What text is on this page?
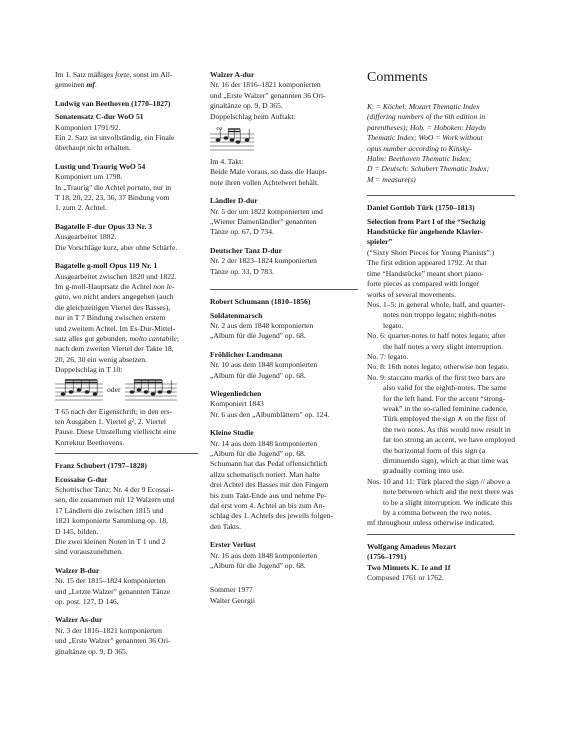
Im 1. Satz mäßiges forte, sonst im All-

gemeinen mf.

Ludwig van Beethoven (1770–1827)

Sonatensatz C-dur WoO 51

Komponiert 1791/92.

Ein 2. Satz ist unvollständig, ein Finale

überhaupt nicht erhalten.

Lustig und Traurig WoO 54

Komponiert um 1798.

In „Traurig" die Achtel portato, nur in

T 18, 20, 22, 23, 36, 37 Bindung vom

1. zum 2. Achtel.

Bagatelle F-dur Opus 33 Nr. 3

Ausgearbeitet 1802.

Die Vorschläge kurz, aber ohne Schärfe.

Bagatelle g-moll Opus 119 Nr. 1

Ausgearbeitet zwischen 1820 und 1822.

Im g-moll-Hauptsatz die Achtel non le-

gato, wo nicht anders angegeben (auch

die gleichzeitigen Viertel des Basses),

nur in T 7 Bindung zwischen erstem

und zweitem Achtel. Im Es-Dur-Mittel-

satz alles gut gebunden, molto cantabile;

nach dem zweiten Viertel der Takte 18,

20, 26, 30 ein wenig absetzen.

Doppelschlag in T 10:

oder

T 65 nach der Eigenschrift; in den ers-

ten Ausgaben 1. Viertel g², 2. Viertel

Pause. Diese Umstellung vielleicht eine

Korrektur Beethovens.

Franz Schubert (1797–1828)

Ecossaise G-dur

Schottischer Tanz; Nr. 4 der 9 Ecossai-

sen, die zusammen mit 12 Walzern und

17 Ländlern die zwischen 1815 und

1821 komponierte Sammlung op. 18,

D 145, bilden.

Die zwei kleinen Noten in T 1 und 2

sind vorauszunehmen.

Walzer B-dur

Nr. 15 der 1815–1824 komponierten

und „Letzte Walzer" genannten Tänze

op. post. 127, D 146.

Walzer As-dur

Nr. 3 der 1816–1821 komponierten

und „Erste Walzer" genannten 36 Ori-

ginaltänze op. 9, D 365.

Walzer A-dur

Nr. 16 der 1816–1821 komponierten

und „Erste Walzer" genannten 36 Ori-

ginaltänze op. 9, D 365.

Doppelschlag beim Auftakt:

∾

Im 4. Takt:

Beide Male voraus, so dass die Haupt-

note ihren vollen Achtelwert behält.

Ländler D-dur

Nr. 5 der um 1822 komponierten und

„Wiener Damenländler" genannten

Tänze op. 67, D 734.

Deutscher Tanz D-dur

Nr. 2 der 1823–1824 komponierten

Tänze op. 33, D 783.

Robert Schumann (1810–1856)

Soldatenmarsch

Nr. 2 aus dem 1848 komponierten

„Album für die Jugend" op. 68.

Fröhlicher Landmann

Nr. 10 aus dem 1848 komponierten

„Album für die Jugend" op. 68.

Wiegenliedchen

Komponiert 1843

Nr. 6 aus den „Albumblättern" op. 124.

Kleine Studie

Nr. 14 aus dem 1848 komponierten

„Album für die Jugend" op. 68.

Schumann hat das Pedal offensichtlich

allzu schematisch notiert. Man halte

drei Achtel des Basses mit den Fingern

bis zum Takt-Ende aus und nehme Pe-

dal erst vom 4. Achtel an bis zum An-

schlag des 1. Achtels des jeweils folgen-

den Takts.

Erster Verlust

Nr. 16 aus dem 1848 komponierten

„Album für die Jugend" op. 68.

Sommer 1977

Walter Georgii

Comments

K. = Köchel: Mozart Thematic Index

(differing numbers of the 6th edition in

parentheses); Hob. = Hoboken: Haydn

Thematic Index; WoO = Work without

opus number according to Kinsky-

Halm: Beethoven Thematic Index;

D = Deutsch: Schubert Thematic Index;

M = measure(s)

Daniel Gottlob Türk (1750–1813)

Selection from Part I of the “Sechzig

Handstücke für angehende Klavier-

spieler”

(“Sixty Short Pieces for Young Pianists”.)

The first edition appeared 1792. At that

time “Handstücke” meant short piano-

forte pieces as compared with longer

works of several movements.

Nos. 1–5: in general whole, half, and quarter-notes non troppo legato; eighth-notes legato.

No. 6: quarter-notes to half notes legato; after the half notes a very slight interruption.

No. 7: legato.

No. 8: 16th notes legato; otherwise non legato.

No. 9: staccato marks of the first two bars are also valid for the eighth-notes. The same for the left hand. For the accent “strong-weak” in the so-called feminine cadence, Türk employed the sign ∧ on the first of the two notes. As this would now result in far too strong an accent, we have employed the horizontal form of this sign (a diminuendo sign), which at that time was gradually coming into use.

Nos. 10 and 11: Türk placed the sign // above a note between which and the next there was to be a slight interruption. We indicate this by a comma between the two notes.

mf throughout unless otherwise indicated.

Wolfgang Amadeus Mozart

(1756–1791)

Two Minuets K. 1e and 1f

Composed 1761 or 1762.
